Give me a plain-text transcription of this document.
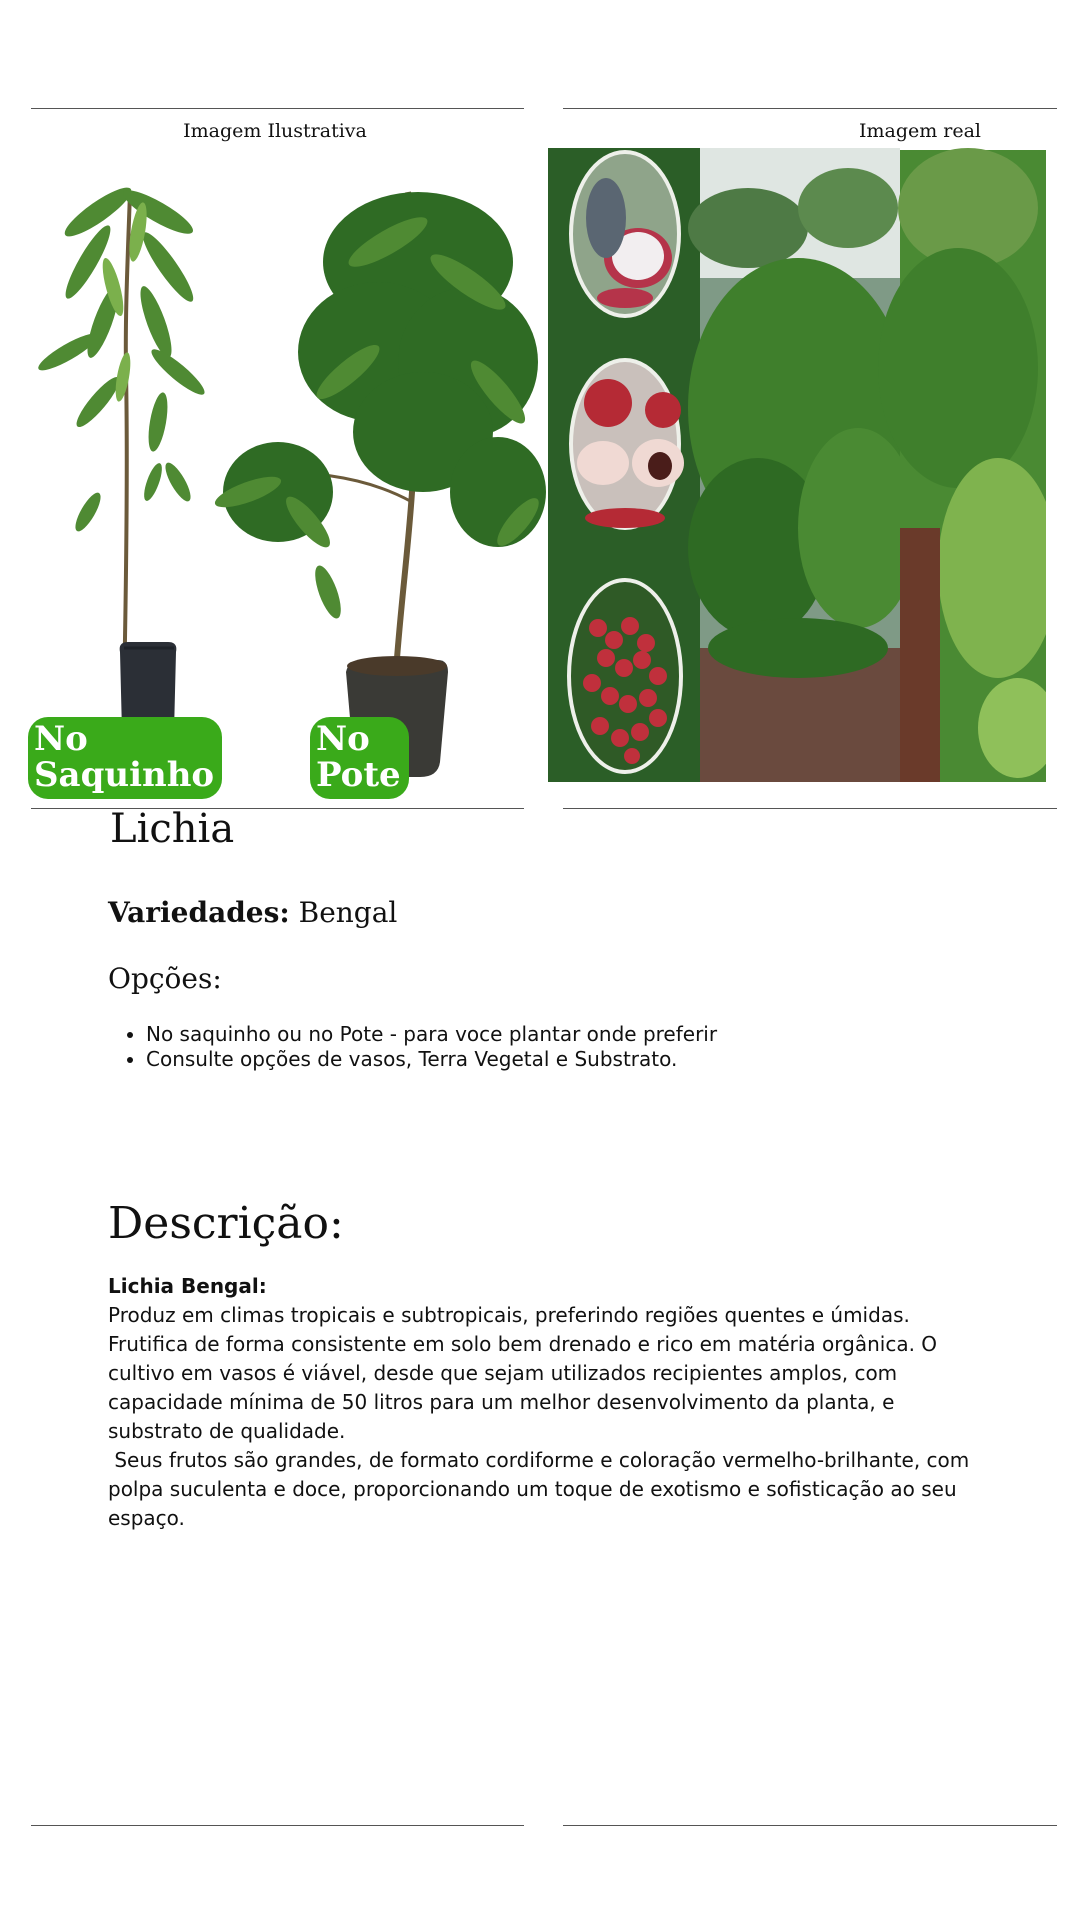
Imagem Ilustrativa	Imagem real
No
Saquinho
No
Pote
Lichia
Variedades: Bengal
Opções:
• No saquinho ou no Pote - para voce plantar onde preferir
• Consulte opções de vasos, Terra Vegetal e Substrato.
Descrição:
Lichia Bengal:

Produz em climas tropicais e subtropicais, preferindo regiões quentes e úmidas. Frutifica de forma consistente em solo bem drenado e rico em matéria orgânica. O cultivo em vasos é viável, desde que sejam utilizados recipientes amplos, com capacidade mínima de 50 litros para um melhor desenvolvimento da planta, e substrato de qualidade.

Seus frutos são grandes, de formato cordiforme e coloração vermelho-brilhante, com polpa suculenta e doce, proporcionando um toque de exotismo e sofisticação ao seu espaço.
